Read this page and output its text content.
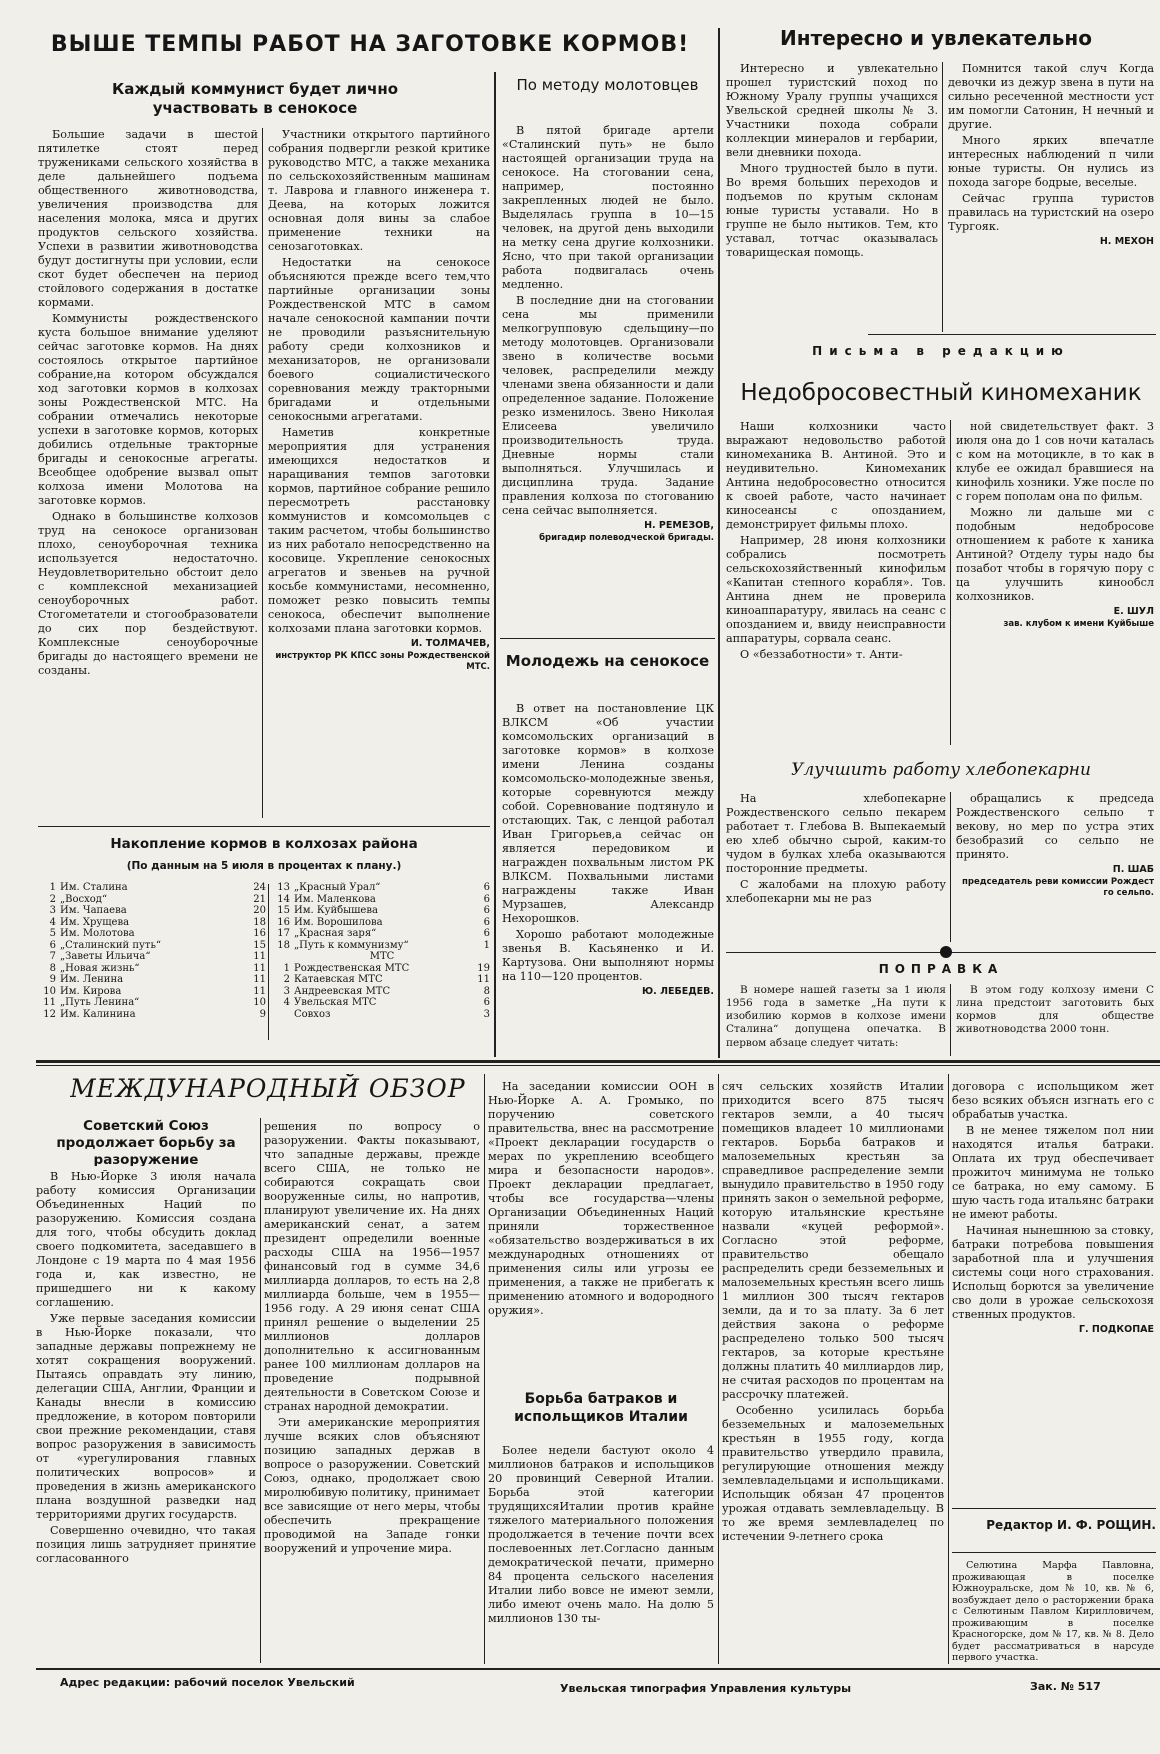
ВЫШЕ ТЕМПЫ РАБОТ НА ЗАГОТОВКЕ КОРМОВ!
Каждый коммунист будет лично участвовать в сенокосе

Большие задачи в шестой пятилетке стоят перед тружениками сельского хозяйства в деле дальнейшего подъема общественного животноводства, увеличения производства для населения молока, мяса и других продуктов сельского хозяйства. Успехи в развитии животноводства будут достигнуты при условии, если скот будет обеспечен на период стойлового содержания в достатке кормами.

Коммунисты рождественского куста большое внимание уделяют сейчас заготовке кормов. На днях состоялось открытое партийное собрание,на котором обсуждался ход заготовки кормов в колхозах зоны Рождественской МТС. На собрании отмечались некоторые успехи в заготовке кормов, которых добились отдельные тракторные бригады и сенокосные агрегаты. Всеобщее одобрение вызвал опыт колхоза имени Молотова на заготовке кормов.

Однако в большинстве колхозов труд на сенокосе организован плохо, сеноуборочная техника используется недостаточно. Неудовлетворительно обстоит дело с комплексной механизацией сеноуборочных работ. Стогометатели и стогообразователи до сих пор бездействуют. Комплексные сеноуборочные бригады до настоящего времени не созданы.

Участники открытого партийного собрания подвергли резкой критике руководство МТС, а также механика по сельскохозяйственным машинам т. Лаврова и главного инженера т. Деева, на которых ложится основная доля вины за слабое применение техники на сенозаготовках.

Недостатки на сенокосе объясняются прежде всего тем,что партийные организации зоны Рождественской МТС в самом начале сенокосной кампании почти не проводили разъяснительную работу среди колхозников и механизаторов, не организовали боевого социалистического соревнования между тракторными бригадами и отдельными сенокосными агрегатами.

Наметив конкретные мероприятия для устранения имеющихся недостатков и наращивания темпов заготовки кормов, партийное собрание решило пересмотреть расстановку коммунистов и комсомольцев с таким расчетом, чтобы большинство из них работало непосредственно на косовице. Укрепление сенокосных агрегатов и звеньев на ручной косьбе коммунистами, несомненно, поможет резко повысить темпы сенокоса, обеспечит выполнение колхозами плана заготовки кормов.

И. ТОЛМАЧЕВ,

инструктор РК КПСС зоны Рождественской МТС.

По методу молотовцев

В пятой бригаде артели «Сталинский путь» не было настоящей организации труда на сенокосе. На стоговании сена, например, постоянно закрепленных людей не было. Выделялась группа в 10—15 человек, на другой день выходили на метку сена другие колхозники. Ясно, что при такой организации работа подвигалась очень медленно.

В последние дни на стоговании сена мы применили мелкогрупповую сдельщину—по методу молотовцев. Организовали звено в количестве восьми человек, распределили между членами звена обязанности и дали определенное задание. Положение резко изменилось. Звено Николая Елисеева увеличило производительность труда. Дневные нормы стали выполняться. Улучшилась и дисциплина труда. Задание правления колхоза по стогованию сена сейчас выполняется.

Н. РЕМЕЗОВ,

бригадир полеводческой бригады.

Молодежь на сенокосе

В ответ на постановление ЦК ВЛКСМ «Об участии комсомольских организаций в заготовке кормов» в колхозе имени Ленина созданы комсомольско-молодежные звенья, которые соревнуются между собой. Соревнование подтянуло и отстающих. Так, с ленцой работал Иван Григорьев,а сейчас он является передовиком и награжден похвальным листом РК ВЛКСМ. Похвальными листами награждены также Иван Мурзашев, Александр Нехорошков.

Хорошо работают молодежные звенья В. Касьяненко и И. Картузова. Они выполняют нормы на 110—120 процентов.

Ю. ЛЕБЕДЕВ.

Накопление кормов в колхозах района
(По данным на 5 июля в процентах к плану.)
1 Им. Сталина	24
2 „Восход“	21
3 Им. Чапаева	20
4 Им. Хрущева	18
5 Им. Молотова	16
6 „Сталинский путь“	15
7 „Заветы Ильича“	11
8 „Новая жизнь“	11
9 Им. Ленина	11
10 Им. Кирова	11
11 „Путь Ленина“	10
12 Им. Калинина	9
13 „Красный Урал“	6
14 Им. Маленкова	6
15 Им. Куйбышева	6
16 Им. Ворошилова	6
17 „Красная заря“	6
18 „Путь к коммунизму“	1
МТС
1 Рождественская МТС	19
2 Катаевская МТС	11
3 Андреевская МТС	8
4 Увельская МТС	6
Совхоз	3
Интересно и увлекательно

Интересно и увлекательно прошел туристский поход по Южному Уралу группы учащихся Увельской средней школы № 3. Участники похода собрали коллекции минералов и гербарии, вели дневники похода.

Много трудностей было в пути. Во время больших переходов и подъемов по крутым склонам юные туристы уставали. Но в группе не было нытиков. Тем, кто уставал, тотчас оказывалась товарищеская помощь.

Помнится такой случ Когда девочки из дежур звена в пути на сильно ресеченной местности уст им помогли Сатонин, Н нечный и другие.

Много ярких впечатле интересных наблюдений п чили юные туристы. Он нулись из похода загоре бодрые, веселые.

Сейчас группа туристов правилась на туристский на озеро Тургояк.

Н. МЕХОН

Письма в редакцию
Недобросовестный киномеханик

Наши колхозники часто выражают недовольство работой киномеханика В. Антиной. Это и неудивительно. Киномеханик Антина недобросовестно относится к своей работе, часто начинает киносеансы с опозданием, демонстрирует фильмы плохо.

Например, 28 июня колхозники собрались посмотреть сельскохозяйственный кинофильм «Капитан степного корабля». Тов. Антина днем не проверила киноаппаратуру, явилась на сеанс с опозданием и, ввиду неисправности аппаратуры, сорвала сеанс.

О «беззаботности» т. Анти-

ной свидетельствует факт. 3 июля она до 1 сов ночи каталась с ком на мотоцикле, в то как в клубе ее ожидал бравшиеся на кинофиль хозники. Уже после по с горем пополам она по фильм.

Можно ли дальше ми с подобным недобросове отношением к работе к ханика Антиной? Отделу туры надо бы позабот чтобы в горячую пору с ца улучшить кинообсл колхозников.

Е. ШУЛ

зав. клубом к имени Куйбыше

Улучшить работу хлебопекарни

На хлебопекарне Рождественского сельпо пекарем работает т. Глебова В. Выпекаемый ею хлеб обычно сырой, каким-то чудом в булках хлеба оказываются посторонние предметы.

С жалобами на плохую работу хлебопекарни мы не раз

обращались к председа Рождественского сельпо т векову, но мер по устра этих безобразий со сельпо не принято.

П. ШАБ

председатель реви комиссии Рождест го сельпо.

ПОПРАВКА

В номере нашей газеты за 1 июля 1956 года в заметке „На пути к изобилию кормов в колхозе имени Сталина“ допущена опечатка. В первом абзаце следует читать:

В этом году колхозу имени С лина предстоит заготовить бых кормов для обществе животноводства 2000 тонн.

МЕЖДУНАРОДНЫЙ ОБЗОР
Советский Союз продолжает борьбу за разоружение

В Нью-Йорке 3 июля начала работу комиссия Организации Объединенных Наций по разоружению. Комиссия создана для того, чтобы обсудить доклад своего подкомитета, заседавшего в Лондоне с 19 марта по 4 мая 1956 года и, как известно, не пришедшего ни к какому соглашению.

Уже первые заседания комиссии в Нью-Йорке показали, что западные державы попрежнему не хотят сокращения вооружений. Пытаясь оправдать эту линию, делегации США, Англии, Франции и Канады внесли в комиссию предложение, в котором повторили свои прежние рекомендации, ставя вопрос разоружения в зависимость от «урегулирования главных политических вопросов» и проведения в жизнь американского плана воздушной разведки над территориями других государств.

Совершенно очевидно, что такая позиция лишь затрудняет принятие согласованного

решения по вопросу о разоружении. Факты показывают, что западные державы, прежде всего США, не только не собираются сокращать свои вооруженные силы, но напротив, планируют увеличение их. На днях американский сенат, а затем президент определили военные расходы США на 1956—1957 финансовый год в сумме 34,6 миллиарда долларов, то есть на 2,8 миллиарда больше, чем в 1955—1956 году. А 29 июня сенат США принял решение о выделении 25 миллионов долларов дополнительно к ассигнованным ранее 100 миллионам долларов на проведение подрывной деятельности в Советском Союзе и странах народной демократии.

Эти американские мероприятия лучше всяких слов объясняют позицию западных держав в вопросе о разоружении. Советский Союз, однако, продолжает свою миролюбивую политику, принимает все зависящие от него меры, чтобы обеспечить прекращение проводимой на Западе гонки вооружений и упрочение мира.

На заседании комиссии ООН в Нью-Йорке А. А. Громыко, по поручению советского правительства, внес на рассмотрение «Проект декларации государств о мерах по укреплению всеобщего мира и безопасности народов». Проект декларации предлагает, чтобы все государства—члены Организации Объединенных Наций приняли торжественное «обязательство воздерживаться в их международных отношениях от применения силы или угрозы ее применения, а также не прибегать к применению атомного и водородного оружия».

Борьба батраков и испольщиков Италии

Более недели бастуют около 4 миллионов батраков и испольщиков 20 провинций Северной Италии. Борьба этой категории трудящихсяИталии против крайне тяжелого материального положения продолжается в течение почти всех послевоенных лет.Согласно данным демократической печати, примерно 84 процента сельского населения Италии либо вовсе не имеют земли, либо имеют очень мало. На долю 5 миллионов 130 ты-

сяч сельских хозяйств Италии приходится всего 875 тысяч гектаров земли, а 40 тысяч помещиков владеет 10 миллионами гектаров. Борьба батраков и малоземельных крестьян за справедливое распределение земли вынудило правительство в 1950 году принять закон о земельной реформе, которую итальянские крестьяне назвали «куцей реформой». Согласно этой реформе, правительство обещало распределить среди безземельных и малоземельных крестьян всего лишь 1 миллион 300 тысяч гектаров земли, да и то за плату. За 6 лет действия закона о реформе распределено только 500 тысяч гектаров, за которые крестьяне должны платить 40 миллиардов лир, не считая расходов по процентам на рассрочку платежей.

Особенно усилилась борьба безземельных и малоземельных крестьян в 1955 году, когда правительство утвердило правила, регулирующие отношения между землевладельцами и испольщиками. Испольщик обязан 47 процентов урожая отдавать землевладельцу. В то же время землевладелец по истечении 9-летнего срока

договора с испольщиком жет безо всяких объясн изгнать его с обрабатыв участка.

В не менее тяжелом пол нии находятся италья батраки. Оплата их труд обеспечивает прожиточ минимума не только се батрака, но ему самому. Б шую часть года итальянс батраки не имеют работы.

Начиная нынешнюю за стовку, батраки потребова повышения заработной пла и улучшения системы соци ного страхования. Испольщ борются за увеличение сво доли в урожае сельскохозя ственных продуктов.

Г. ПОДКОПАЕ

Редактор И. Ф. РОЩИН.

Селютина Марфа Павловна, проживающая в поселке Южноуральске, дом № 10, кв. № 6, возбуждает дело о расторжении брака с Селютиным Павлом Кирилловичем, проживающим в поселке Красногорске, дом № 17, кв. № 8. Дело будет рассматриваться в нарсуде первого участка.

Адрес редакции: рабочий поселок Увельский	Увельская типография Управления культуры	Зак. № 517
